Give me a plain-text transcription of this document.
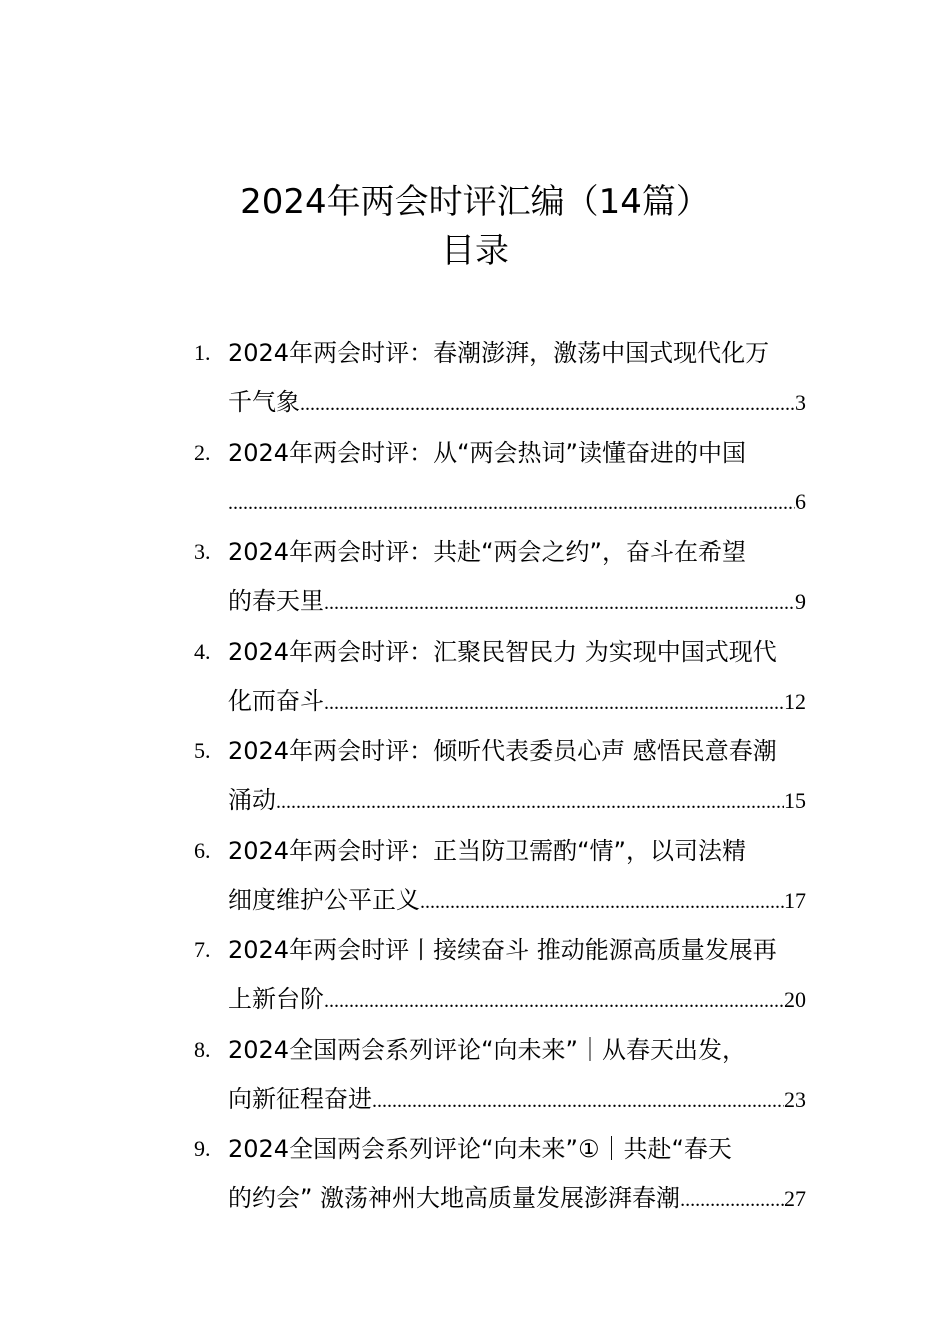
2024年两会时评汇编（14篇）
目录
1. 2024年两会时评：春潮澎湃，激荡中国式现代化万
千气象 .....	3
2. 2024年两会时评：从“两会热词”读懂奋进的中国
.....
6
3. 2024年两会时评：共赴“两会之约”，奋斗在希望
的春天里 .....	9
4. 2024年两会时评：汇聚民智民力 为实现中国式现代
化而奋斗 .....	12
5. 2024年两会时评：倾听代表委员心声 感悟民意春潮
涌动 .....	15
6. 2024年两会时评：正当防卫需酌“情”，以司法精
细度维护公平正义 .....	17
7. 2024年两会时评丨接续奋斗 推动能源高质量发展再
上新台阶 .....	20
8. 2024全国两会系列评论“向未来”｜从春天出发，
向新征程奋进 .....	23
9. 2024全国两会系列评论“向未来”①｜共赴“春天
的约会” 激荡神州大地高质量发展澎湃春潮 .....	27
